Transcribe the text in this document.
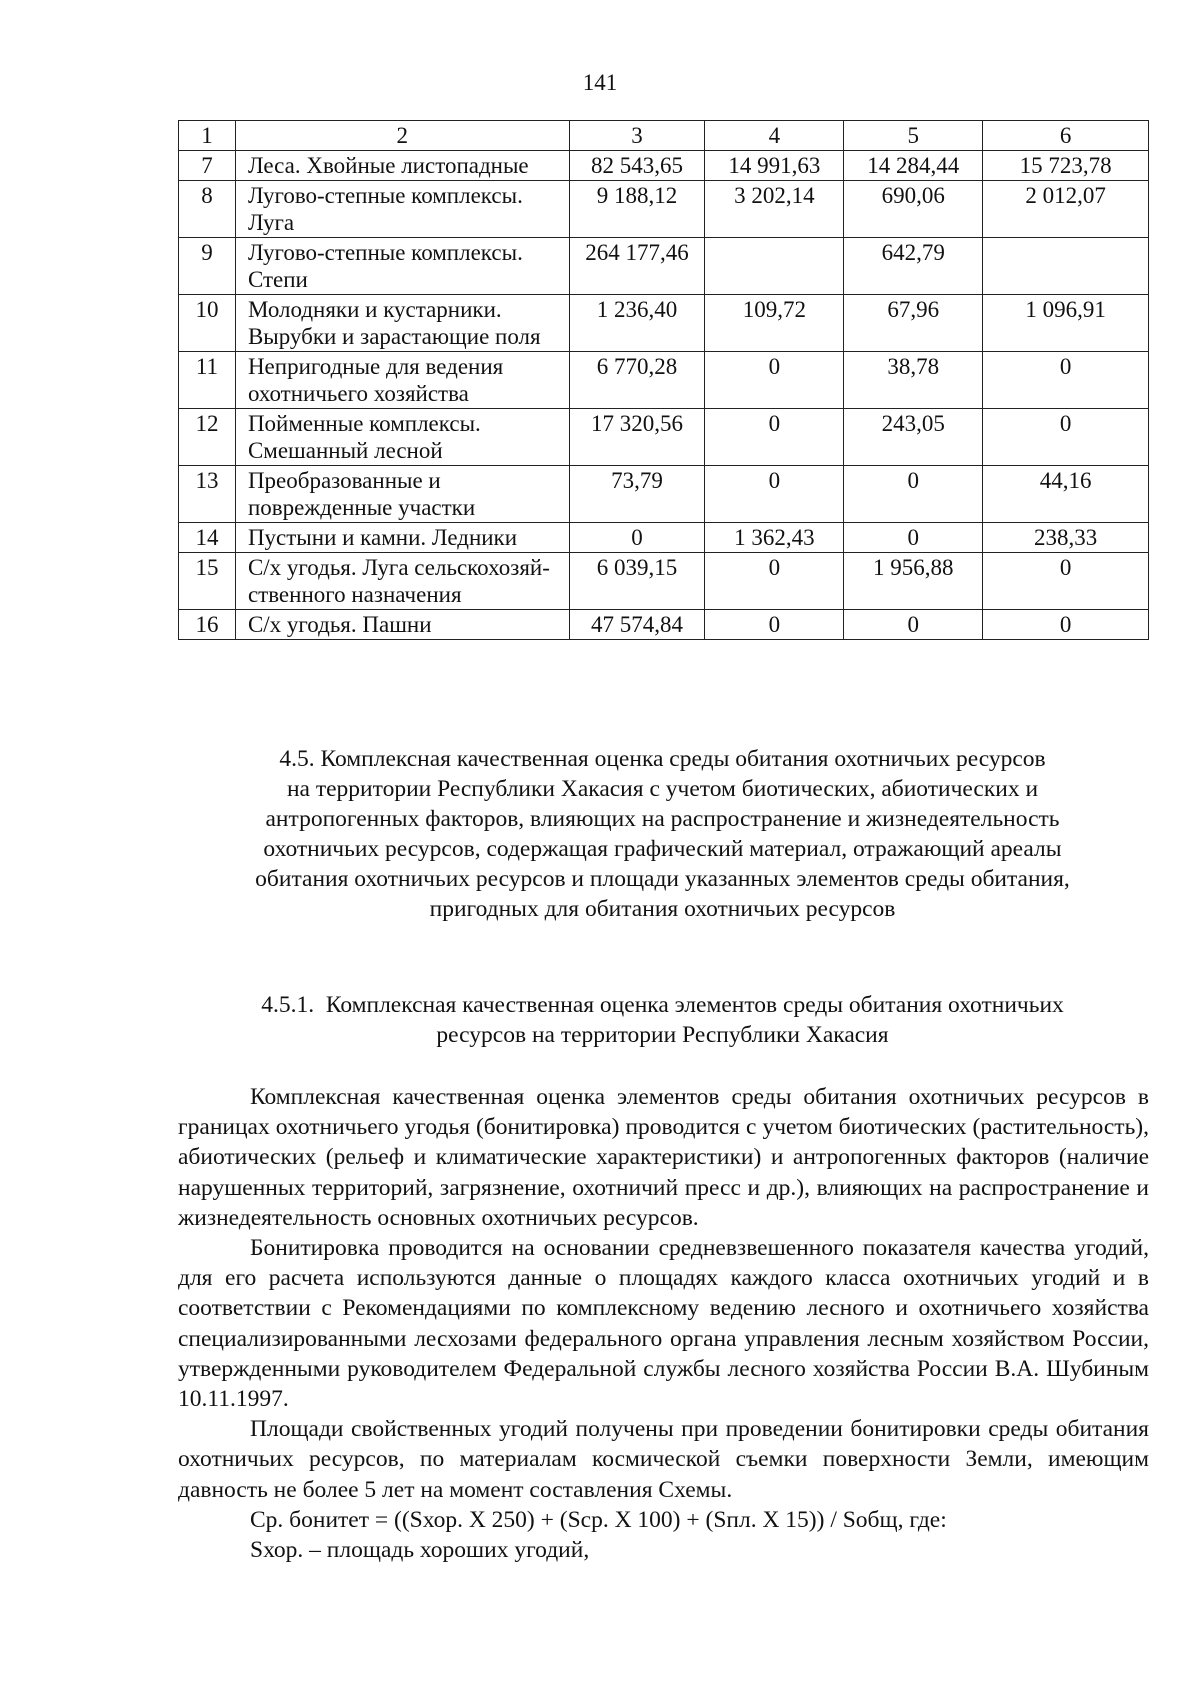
141
1	2	3	4	5	6
7	Леса. Хвойные листопадные	82 543,65	14 991,63	14 284,44	15 723,78
8	Лугово-степные комплексы. Луга	9 188,12	3 202,14	690,06	2 012,07
9	Лугово-степные комплексы. Степи	264 177,46		642,79	
10	Молодняки и кустарники. Вырубки и зарастающие поля	1 236,40	109,72	67,96	1 096,91
11	Непригодные для ведения охотничьего хозяйства	6 770,28	0	38,78	0
12	Пойменные комплексы. Смешанный лесной	17 320,56	0	243,05	0
13	Преобразованные и поврежденные участки	73,79	0	0	44,16
14	Пустыни и камни. Ледники	0	1 362,43	0	238,33
15	С/х угодья. Луга сельскохозяй-ственного назначения	6 039,15	0	1 956,88	0
16	С/х угодья. Пашни	47 574,84	0	0	0
4.5. Комплексная качественная оценка среды обитания охотничьих ресурсов
на территории Республики Хакасия с учетом биотических, абиотических и
антропогенных факторов, влияющих на распространение и жизнедеятельность
охотничьих ресурсов, содержащая графический материал, отражающий ареалы
обитания охотничьих ресурсов и площади указанных элементов среды обитания,
пригодных для обитания охотничьих ресурсов
4.5.1.  Комплексная качественная оценка элементов среды обитания охотничьих
ресурсов на территории Республики Хакасия

Комплексная качественная оценка элементов среды обитания охотничьих ресурсов в границах охотничьего угодья (бонитировка) проводится с учетом биотических (растительность), абиотических (рельеф и климатические характеристики) и антропогенных факторов (наличие нарушенных территорий, загрязнение, охотничий пресс и др.), влияющих на распространение и жизнедеятельность основных охотничьих ресурсов.

Бонитировка проводится на основании средневзвешенного показателя качества угодий, для его расчета используются данные о площадях каждого класса охотничьих угодий и в соответствии с Рекомендациями по комплексному ведению лесного и охотничьего хозяйства специализированными лесхозами федерального органа управления лесным хозяйством России, утвержденными руководителем Федеральной службы лесного хозяйства России В.А. Шубиным 10.11.1997.

Площади свойственных угодий получены при проведении бонитировки среды обитания охотничьих ресурсов, по материалам космической съемки поверхности Земли, имеющим давность не более 5 лет на момент составления Схемы.

Ср. бонитет = ((Sхор. Х 250) + (Sср. Х 100) + (Sпл. Х 15)) / Sобщ, где:

Sхор. – площадь хороших угодий,
